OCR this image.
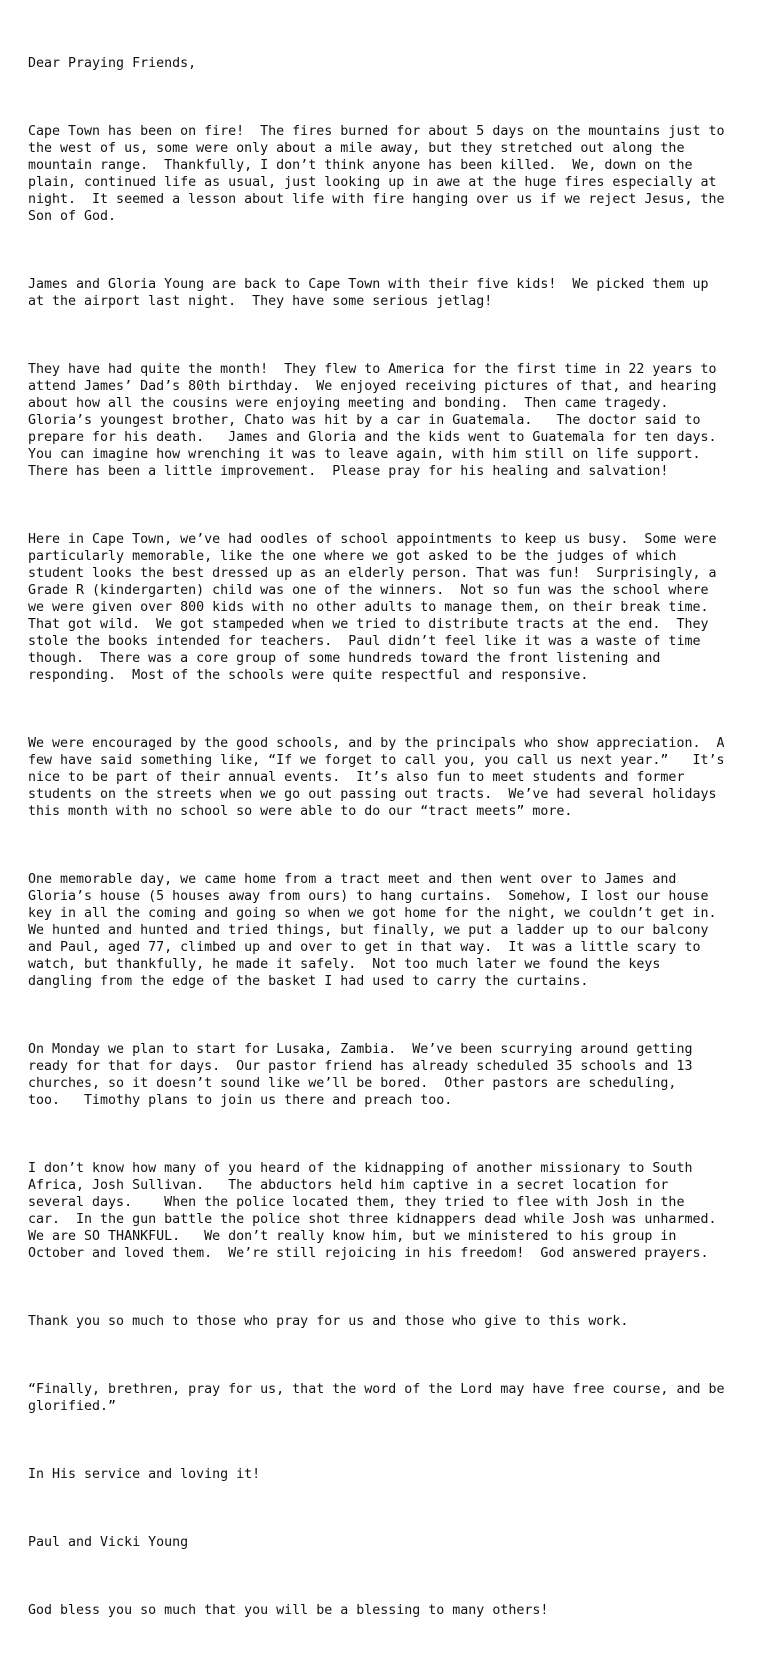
Dear Praying Friends,

Cape Town has been on fire!  The fires burned for about 5 days on the mountains just to
the west of us, some were only about a mile away, but they stretched out along the
mountain range.  Thankfully, I don’t think anyone has been killed.  We, down on the
plain, continued life as usual, just looking up in awe at the huge fires especially at
night.  It seemed a lesson about life with fire hanging over us if we reject Jesus, the
Son of God.

James and Gloria Young are back to Cape Town with their five kids!  We picked them up
at the airport last night.  They have some serious jetlag!

They have had quite the month!  They flew to America for the first time in 22 years to
attend James’ Dad’s 80th birthday.  We enjoyed receiving pictures of that, and hearing
about how all the cousins were enjoying meeting and bonding.  Then came tragedy.
Gloria’s youngest brother, Chato was hit by a car in Guatemala.   The doctor said to
prepare for his death.   James and Gloria and the kids went to Guatemala for ten days.
You can imagine how wrenching it was to leave again, with him still on life support.
There has been a little improvement.  Please pray for his healing and salvation!

Here in Cape Town, we’ve had oodles of school appointments to keep us busy.  Some were
particularly memorable, like the one where we got asked to be the judges of which
student looks the best dressed up as an elderly person. That was fun!  Surprisingly, a
Grade R (kindergarten) child was one of the winners.  Not so fun was the school where
we were given over 800 kids with no other adults to manage them, on their break time.
That got wild.  We got stampeded when we tried to distribute tracts at the end.  They
stole the books intended for teachers.  Paul didn’t feel like it was a waste of time
though.  There was a core group of some hundreds toward the front listening and
responding.  Most of the schools were quite respectful and responsive.

We were encouraged by the good schools, and by the principals who show appreciation.  A
few have said something like, “If we forget to call you, you call us next year.”   It’s
nice to be part of their annual events.  It’s also fun to meet students and former
students on the streets when we go out passing out tracts.  We’ve had several holidays
this month with no school so were able to do our “tract meets” more.

One memorable day, we came home from a tract meet and then went over to James and
Gloria’s house (5 houses away from ours) to hang curtains.  Somehow, I lost our house
key in all the coming and going so when we got home for the night, we couldn’t get in.
We hunted and hunted and tried things, but finally, we put a ladder up to our balcony
and Paul, aged 77, climbed up and over to get in that way.  It was a little scary to
watch, but thankfully, he made it safely.  Not too much later we found the keys
dangling from the edge of the basket I had used to carry the curtains.

On Monday we plan to start for Lusaka, Zambia.  We’ve been scurrying around getting
ready for that for days.  Our pastor friend has already scheduled 35 schools and 13
churches, so it doesn’t sound like we’ll be bored.  Other pastors are scheduling,
too.   Timothy plans to join us there and preach too.

I don’t know how many of you heard of the kidnapping of another missionary to South
Africa, Josh Sullivan.   The abductors held him captive in a secret location for
several days.    When the police located them, they tried to flee with Josh in the
car.  In the gun battle the police shot three kidnappers dead while Josh was unharmed.
We are SO THANKFUL.   We don’t really know him, but we ministered to his group in
October and loved them.  We’re still rejoicing in his freedom!  God answered prayers.

Thank you so much to those who pray for us and those who give to this work.

“Finally, brethren, pray for us, that the word of the Lord may have free course, and be
glorified.”

In His service and loving it!

Paul and Vicki Young

God bless you so much that you will be a blessing to many others!
